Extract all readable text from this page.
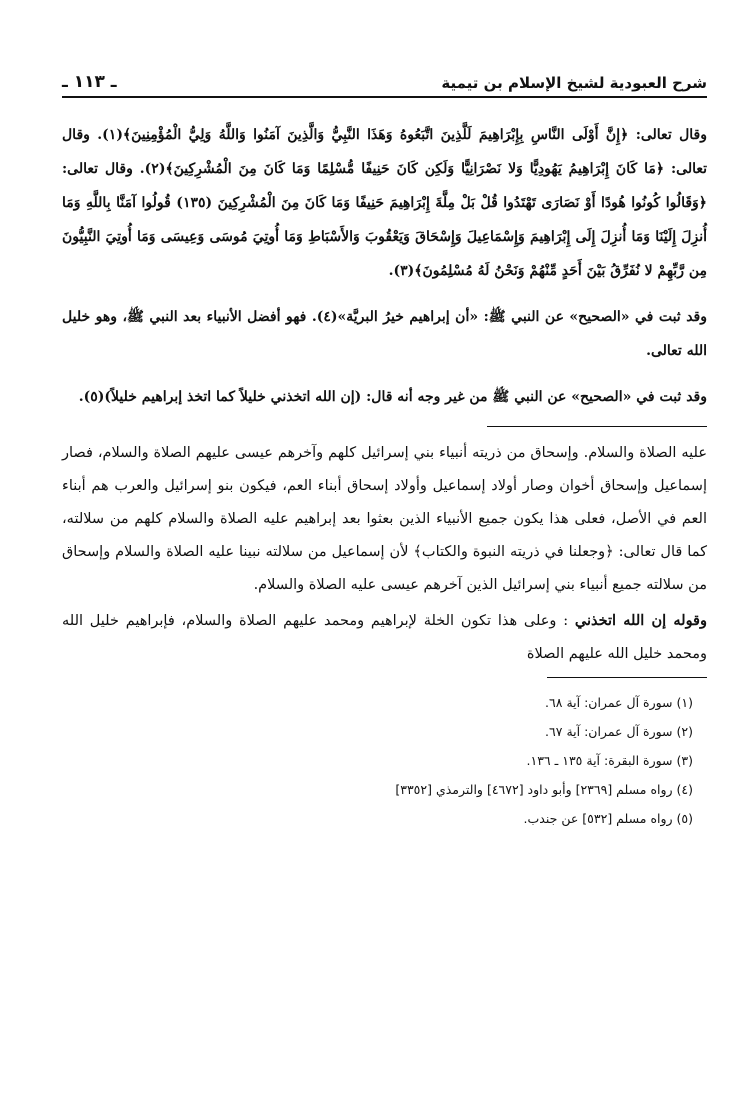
شرح العبودية لشيخ الإسلام بن تيمية
ـ ١١٣ ـ

وقال تعالى: ﴿إِنَّ أَوْلَى النَّاسِ بِإِبْرَاهِيمَ لَلَّذِينَ اتَّبَعُوهُ وَهَذَا النَّبِيُّ وَالَّذِينَ آمَنُوا وَاللَّهُ وَلِيُّ الْمُؤْمِنِينَ﴾(١). وقال تعالى: ﴿مَا كَانَ إِبْرَاهِيمُ يَهُودِيًّا وَلا نَصْرَانِيًّا وَلَكِن كَانَ حَنِيفًا مُّسْلِمًا وَمَا كَانَ مِنَ الْمُشْرِكِينَ﴾(٢). وقال تعالى: ﴿وَقَالُوا كُونُوا هُودًا أَوْ نَصَارَى تَهْتَدُوا قُلْ بَلْ مِلَّةَ إِبْرَاهِيمَ حَنِيفًا وَمَا كَانَ مِنَ الْمُشْرِكِينَ (١٣٥) قُولُوا آمَنَّا بِاللَّهِ وَمَا أُنزِلَ إِلَيْنَا وَمَا أُنزِلَ إِلَى إِبْرَاهِيمَ وَإِسْمَاعِيلَ وَإِسْحَاقَ وَيَعْقُوبَ وَالأَسْبَاطِ وَمَا أُوتِيَ مُوسَى وَعِيسَى وَمَا أُوتِيَ النَّبِيُّونَ مِن رَّبِّهِمْ لا نُفَرِّقُ بَيْنَ أَحَدٍ مِّنْهُمْ وَنَحْنُ لَهُ مُسْلِمُونَ﴾(٣).

وقد ثبت في «الصحيح» عن النبي ﷺ: «أن إبراهيم خيرُ البريَّة»(٤). فهو أفضل الأنبياء بعد النبي ﷺ، وهو خليل الله تعالى.

وقد ثبت في «الصحيح» عن النبي ﷺ من غير وجه أنه قال: (إن الله اتخذني خليلاً كما اتخذ إبراهيم خليلاً)(٥).

عليه الصلاة والسلام. وإسحاق من ذريته أنبياء بني إسرائيل كلهم وآخرهم عيسى عليهم الصلاة والسلام، فصار إسماعيل وإسحاق أخوان وصار أولاد إسماعيل وأولاد إسحاق أبناء العم، فيكون بنو إسرائيل والعرب هم أبناء العم في الأصل، فعلى هذا يكون جميع الأنبياء الذين بعثوا بعد إبراهيم عليه الصلاة والسلام كلهم من سلالته، كما قال تعالى: ﴿وجعلنا في ذريته النبوة والكتاب﴾ لأن إسماعيل من سلالته نبينا عليه الصلاة والسلام وإسحاق من سلالته جميع أنبياء بني إسرائيل الذين آخرهم عيسى عليه الصلاة والسلام.

وقوله إن الله اتخذني : وعلى هذا تكون الخلة لإبراهيم ومحمد عليهم الصلاة والسلام، فإبراهيم خليل الله ومحمد خليل الله عليهم الصلاة

(١) سورة آل عمران: آية ٦٨.
(٢) سورة آل عمران: آية ٦٧.
(٣) سورة البقرة: آية ١٣٥ ـ ١٣٦.
(٤) رواه مسلم [٢٣٦٩] وأبو داود [٤٦٧٢] والترمذي [٣٣٥٢]
(٥) رواه مسلم [٥٣٢] عن جندب.
